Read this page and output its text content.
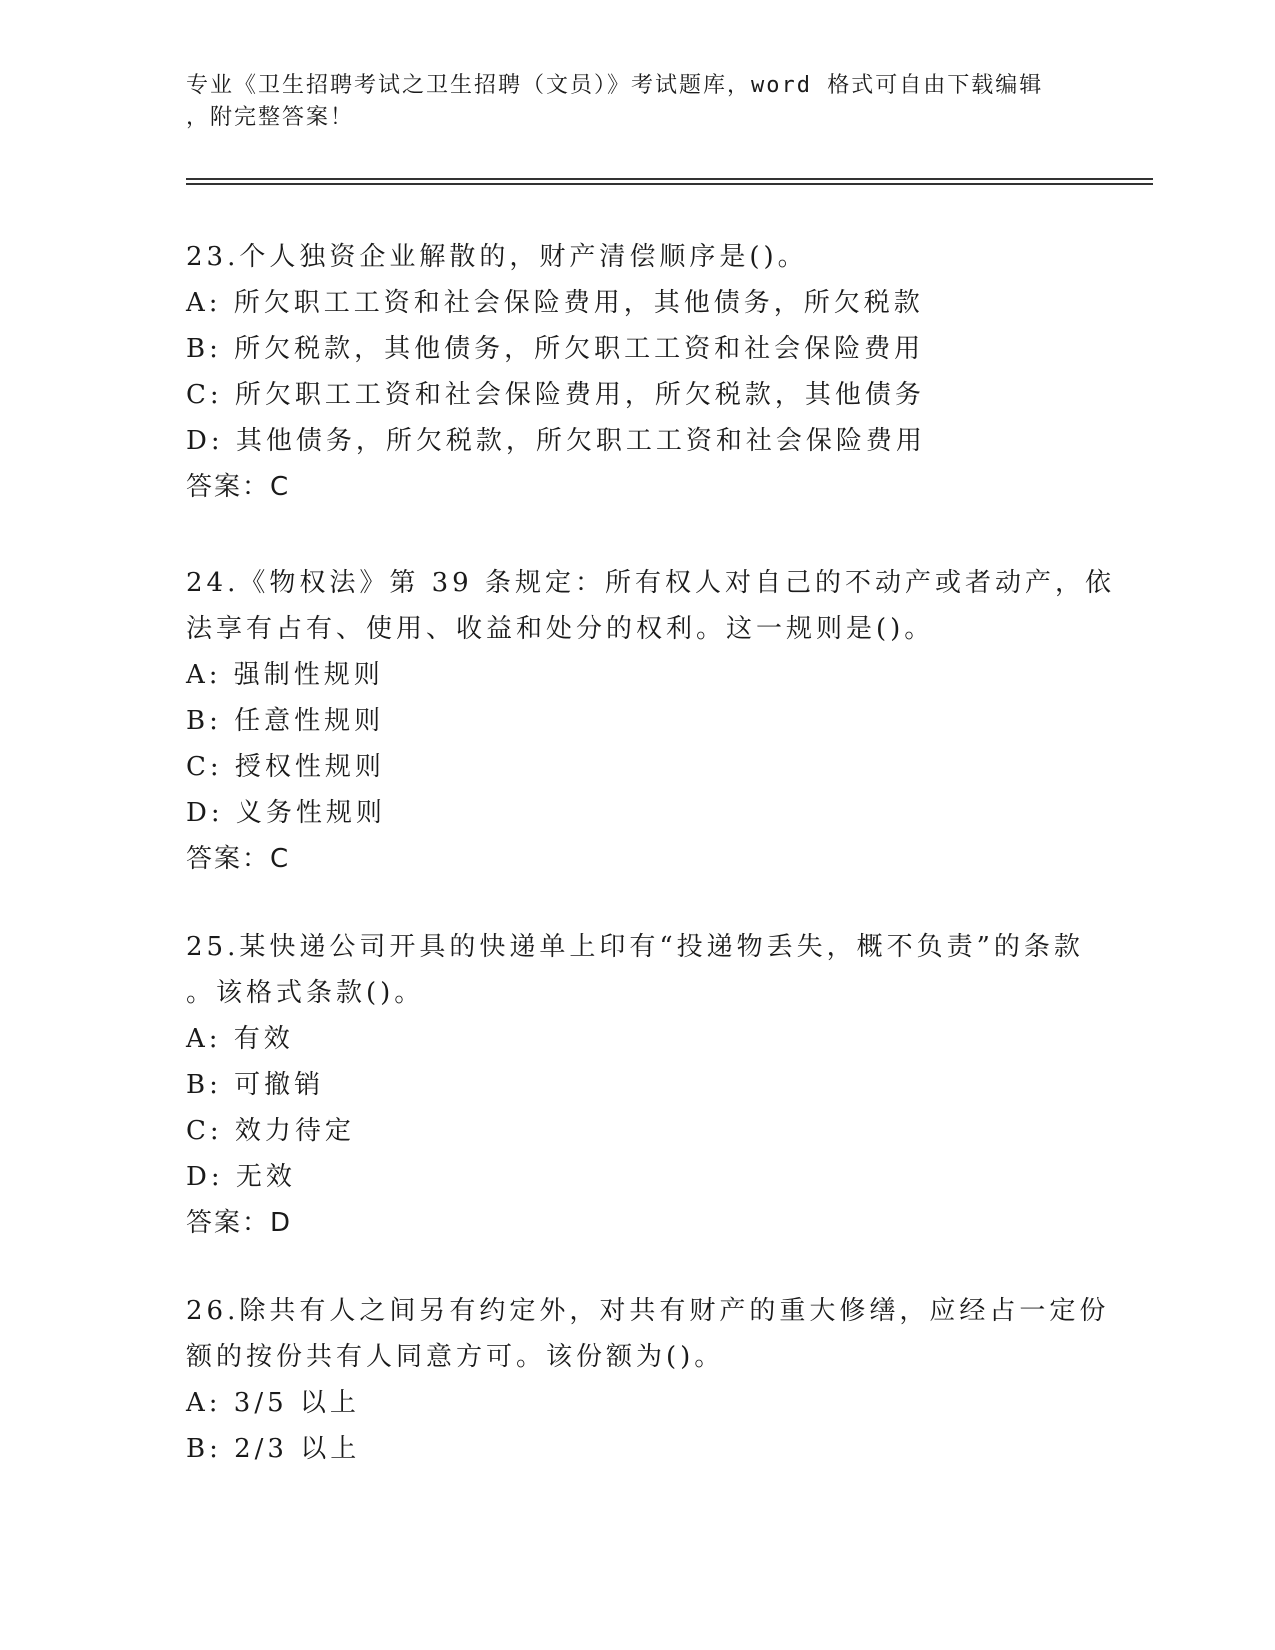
专业《卫生招聘考试之卫生招聘（文员）》考试题库，word 格式可自由下载编辑
，附完整答案！
23.个人独资企业解散的，财产清偿顺序是()。
A: 所欠职工工资和社会保险费用，其他债务，所欠税款
B: 所欠税款，其他债务，所欠职工工资和社会保险费用
C: 所欠职工工资和社会保险费用，所欠税款，其他债务
D: 其他债务，所欠税款，所欠职工工资和社会保险费用
答案：C
24.《物权法》第 39 条规定：所有权人对自己的不动产或者动产，依
法享有占有、使用、收益和处分的权利。这一规则是()。
A: 强制性规则
B: 任意性规则
C: 授权性规则
D: 义务性规则
答案：C
25.某快递公司开具的快递单上印有“投递物丢失，概不负责”的条款
。该格式条款()。
A: 有效
B: 可撤销
C: 效力待定
D: 无效
答案：D
26.除共有人之间另有约定外，对共有财产的重大修缮，应经占一定份
额的按份共有人同意方可。该份额为()。
A: 3/5 以上
B: 2/3 以上
